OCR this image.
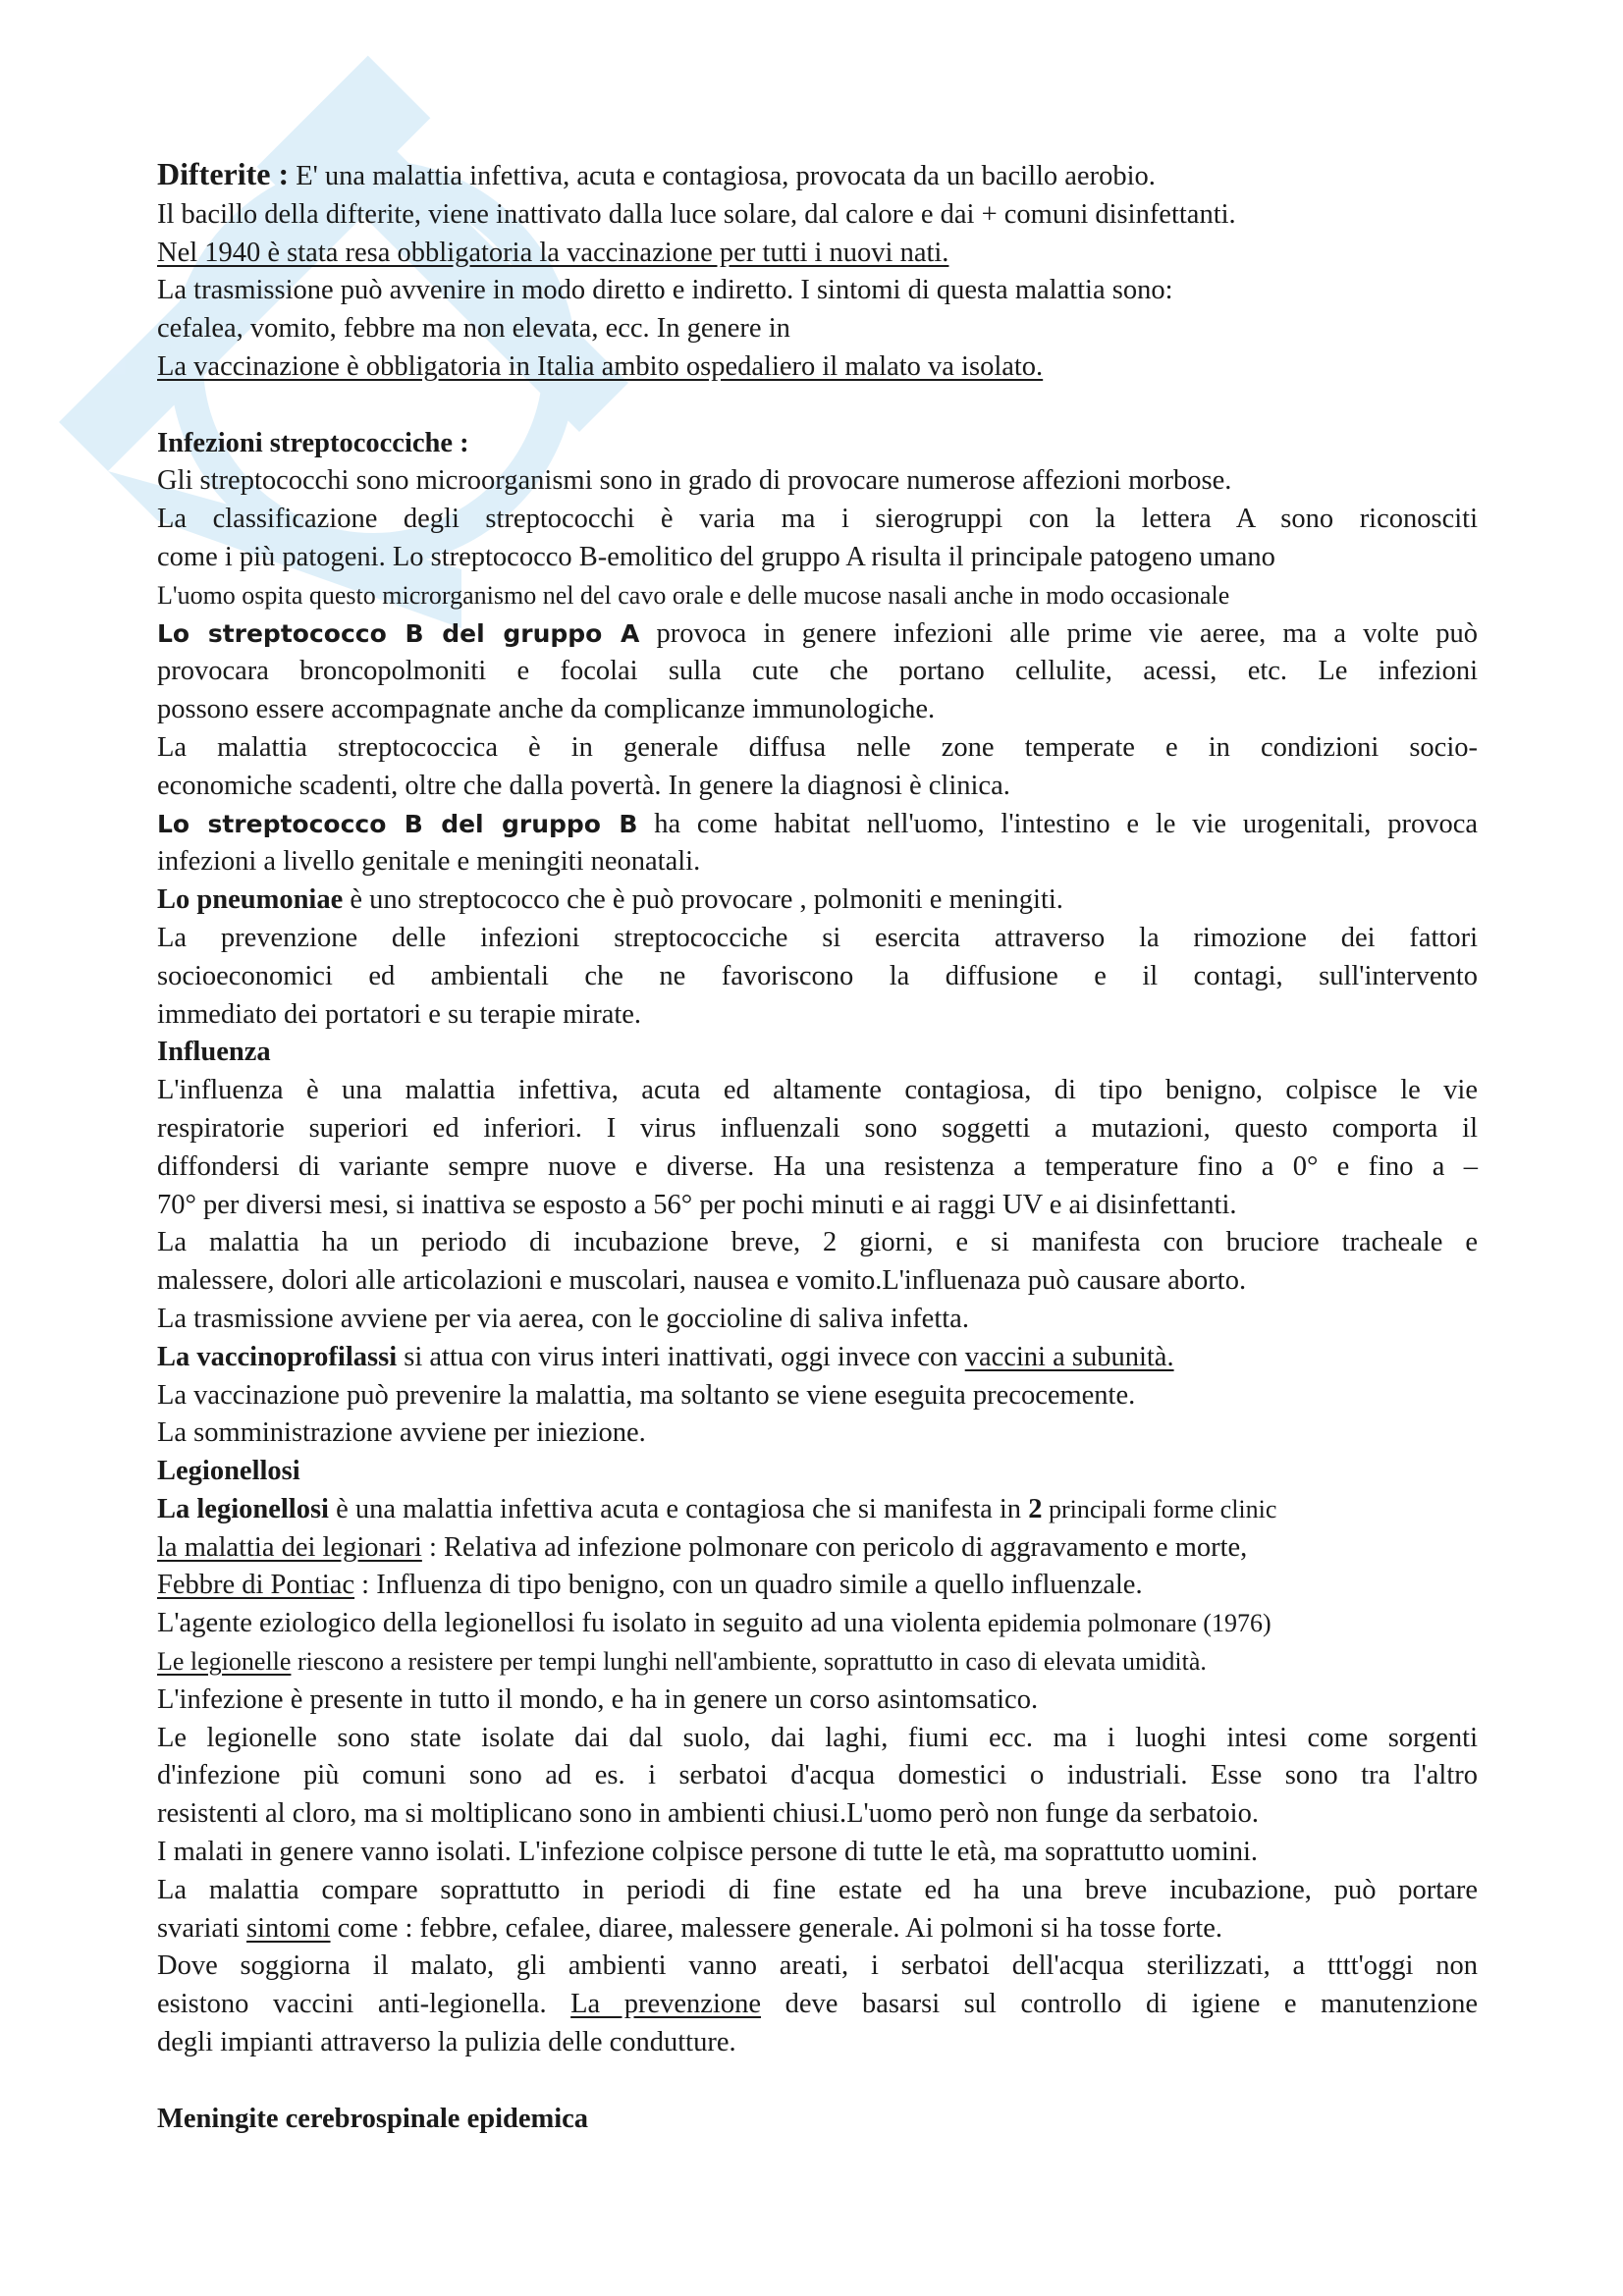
Difterite : E' una malattia infettiva, acuta e contagiosa, provocata da un bacillo aerobio.
Il bacillo della difterite, viene inattivato dalla luce solare, dal calore e dai + comuni disinfettanti.
Nel 1940 è stata resa obbligatoria la vaccinazione per tutti i nuovi nati.
La trasmissione può avvenire in modo diretto e indiretto. I sintomi di questa malattia sono:
cefalea, vomito, febbre ma non elevata, ecc. In genere in
La vaccinazione è obbligatoria in Italia ambito ospedaliero il malato va isolato.
Infezioni streptococciche :
Gli streptococchi sono microorganismi sono in grado di provocare numerose affezioni morbose.
La classificazione degli streptococchi è varia ma i sierogruppi con la lettera A sono riconosciti
come i più patogeni. Lo streptococco B-emolitico del gruppo A risulta il principale patogeno umano
L'uomo ospita questo microrganismo nel del cavo orale e delle mucose nasali anche in modo occasionale
Lo streptococco B del gruppo A provoca in genere infezioni alle prime vie aeree, ma a volte può
provocara broncopolmoniti e focolai sulla cute che portano cellulite, acessi, etc. Le infezioni
possono essere accompagnate anche da complicanze immunologiche.
La malattia streptococcica è in generale diffusa nelle zone temperate e in condizioni socio-
economiche scadenti, oltre che dalla povertà. In genere la diagnosi è clinica.
Lo streptococco B del gruppo B ha come habitat nell'uomo, l'intestino e le vie urogenitali, provoca
infezioni a livello genitale e meningiti neonatali.
Lo pneumoniae è uno streptococco che è può provocare , polmoniti e meningiti.
La prevenzione delle infezioni streptococciche si esercita attraverso la rimozione dei fattori
socioeconomici ed ambientali che ne favoriscono la diffusione e il contagi, sull'intervento
immediato dei portatori e su terapie mirate.
Influenza
L'influenza è una malattia infettiva, acuta ed altamente contagiosa, di tipo benigno, colpisce le vie
respiratorie superiori ed inferiori. I virus influenzali sono soggetti a mutazioni, questo comporta il
diffondersi di variante sempre nuove e diverse. Ha una resistenza a temperature fino a 0° e fino a –
70° per diversi mesi, si inattiva se esposto a 56° per pochi minuti e ai raggi UV e ai disinfettanti.
La malattia ha un periodo di incubazione breve, 2 giorni, e si manifesta con bruciore tracheale e
malessere, dolori alle articolazioni e muscolari, nausea e vomito.L'influenaza può causare aborto.
La trasmissione avviene per via aerea, con le goccioline di saliva infetta.
La vaccinoprofilassi si attua con virus interi inattivati, oggi invece con vaccini a subunità.
La vaccinazione può prevenire la malattia, ma soltanto se viene eseguita precocemente.
La somministrazione avviene per iniezione.
Legionellosi
La legionellosi è una malattia infettiva acuta e contagiosa che si manifesta in 2 principali forme clinic
la malattia dei legionari : Relativa ad infezione polmonare con pericolo di aggravamento e morte,
Febbre di Pontiac : Influenza di tipo benigno, con un quadro simile a quello influenzale.
L'agente eziologico della legionellosi fu isolato in seguito ad una violenta epidemia polmonare (1976)
Le legionelle riescono a resistere per tempi lunghi nell'ambiente, soprattutto in caso di elevata umidità.
L'infezione è presente in tutto il mondo, e ha in genere un corso asintomsatico.
Le legionelle sono state isolate dai dal suolo, dai laghi, fiumi ecc. ma i luoghi intesi come sorgenti
d'infezione più comuni sono ad es. i serbatoi d'acqua domestici o industriali. Esse sono tra l'altro
resistenti al cloro, ma si moltiplicano sono in ambienti chiusi.L'uomo però non funge da serbatoio.
I malati in genere vanno isolati. L'infezione colpisce persone di tutte le età, ma soprattutto uomini.
La malattia compare soprattutto in periodi di fine estate ed ha una breve incubazione, può portare
svariati sintomi come : febbre, cefalee, diaree, malessere generale. Ai polmoni si ha tosse forte.
Dove soggiorna il malato, gli ambienti vanno areati, i serbatoi dell'acqua sterilizzati, a tttt'oggi non
esistono vaccini anti-legionella. La prevenzione deve basarsi sul controllo di igiene e manutenzione
degli impianti attraverso la pulizia delle condutture.
Meningite cerebrospinale epidemica
